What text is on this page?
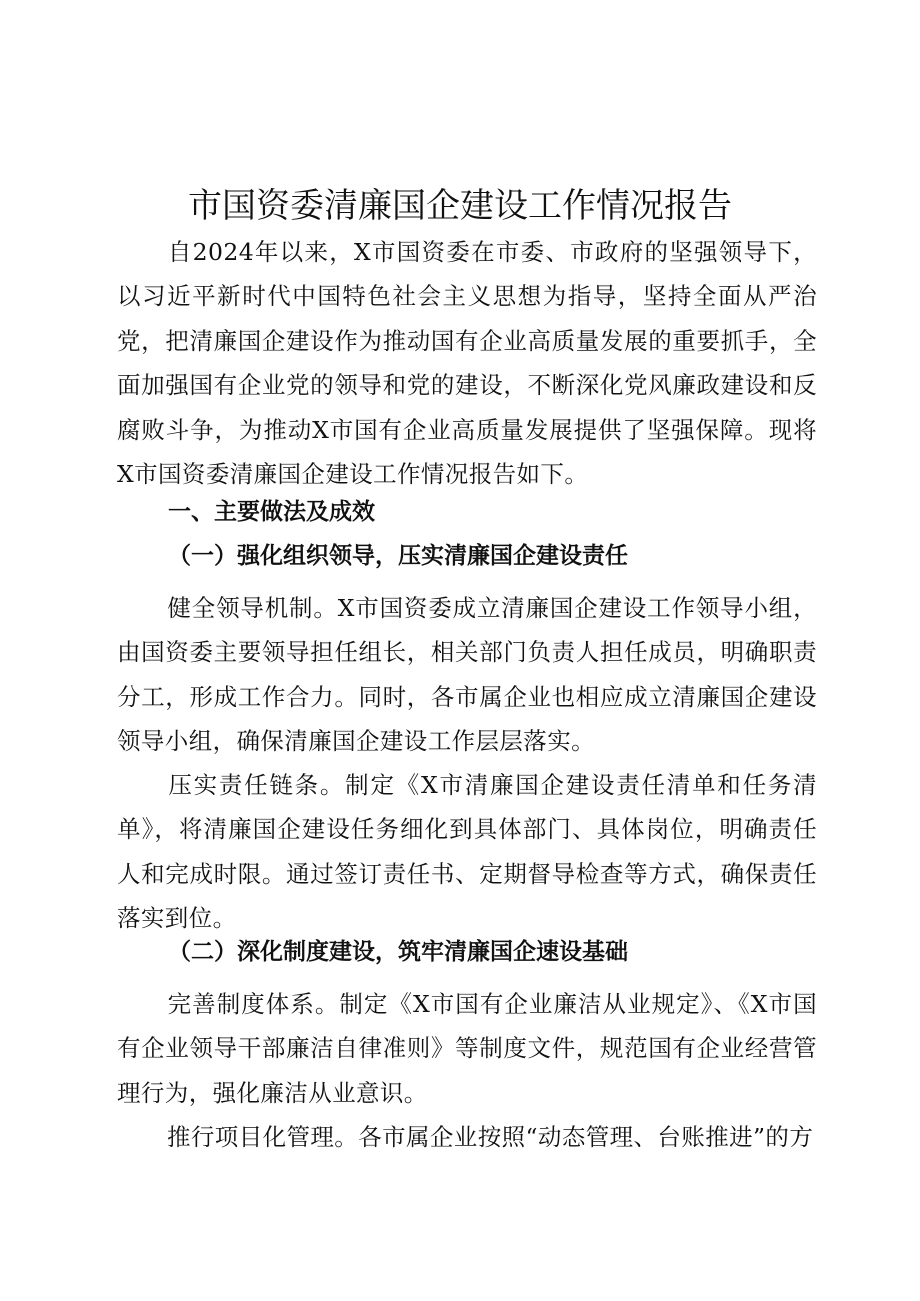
市国资委清廉国企建设工作情况报告

自2024年以来，X市国资委在市委、市政府的坚强领导下，以习近平新时代中国特色社会主义思想为指导，坚持全面从严治党，把清廉国企建设作为推动国有企业高质量发展的重要抓手，全面加强国有企业党的领导和党的建设，不断深化党风廉政建设和反腐败斗争，为推动X市国有企业高质量发展提供了坚强保障。现将X市国资委清廉国企建设工作情况报告如下。

一、主要做法及成效
（一）强化组织领导，压实清廉国企建设责任

健全领导机制。X市国资委成立清廉国企建设工作领导小组，由国资委主要领导担任组长，相关部门负责人担任成员，明确职责分工，形成工作合力。同时，各市属企业也相应成立清廉国企建设领导小组，确保清廉国企建设工作层层落实。

压实责任链条。制定《X市清廉国企建设责任清单和任务清单》，将清廉国企建设任务细化到具体部门、具体岗位，明确责任人和完成时限。通过签订责任书、定期督导检查等方式，确保责任落实到位。

（二）深化制度建设，筑牢清廉国企速设基础

完善制度体系。制定《X市国有企业廉洁从业规定》、《X市国有企业领导干部廉洁自律准则》等制度文件，规范国有企业经营管理行为，强化廉洁从业意识。

推行项目化管理。各市属企业按照“动态管理、台账推进”的方
